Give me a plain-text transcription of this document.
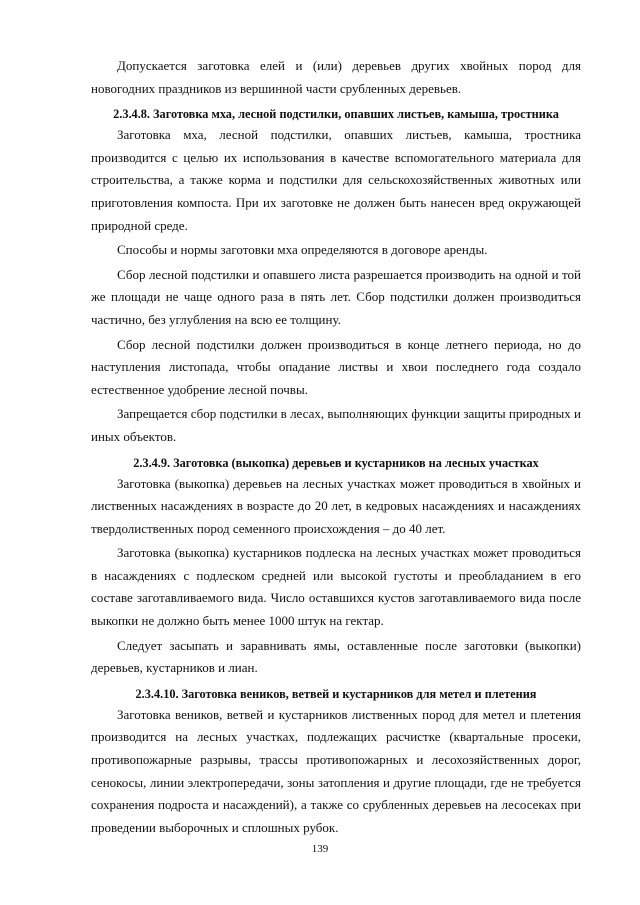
Допускается заготовка елей и (или) деревьев других хвойных пород для новогодних праздников из вершинной части срубленных деревьев.

2.3.4.8. Заготовка мха, лесной подстилки, опавших листьев, камыша, тростника

Заготовка мха, лесной подстилки, опавших листьев, камыша, тростника производится с целью их использования в качестве вспомогательного материала для строительства, а также корма и подстилки для сельскохозяйственных животных или приготовления компоста. При их заготовке не должен быть нанесен вред окружающей природной среде.

Способы и нормы заготовки мха определяются в договоре аренды.

Сбор лесной подстилки и опавшего листа разрешается производить на одной и той же площади не чаще одного раза в пять лет. Сбор подстилки должен производиться частично, без углубления на всю ее толщину.

Сбор лесной подстилки должен производиться в конце летнего периода, но до наступления листопада, чтобы опадание листвы и хвои последнего года создало естественное удобрение лесной почвы.

Запрещается сбор подстилки в лесах, выполняющих функции защиты природных и иных объектов.

2.3.4.9. Заготовка (выкопка) деревьев и кустарников на лесных участках

Заготовка (выкопка) деревьев на лесных участках может проводиться в хвойных и лиственных насаждениях в возрасте до 20 лет, в кедровых насаждениях и насаждениях твердолиственных пород семенного происхождения – до 40 лет.

Заготовка (выкопка) кустарников подлеска на лесных участках может проводиться в насаждениях с подлеском средней или высокой густоты и преобладанием в его составе заготавливаемого вида. Число оставшихся кустов заготавливаемого вида после выкопки не должно быть менее 1000 штук на гектар.

Следует засыпать и заравнивать ямы, оставленные после заготовки (выкопки) деревьев, кустарников и лиан.

2.3.4.10. Заготовка веников, ветвей и кустарников для метел и плетения

Заготовка веников, ветвей и кустарников лиственных пород для метел и плетения производится на лесных участках, подлежащих расчистке (квартальные просеки, противопожарные разрывы, трассы противопожарных и лесохозяйственных дорог, сенокосы, линии электропередачи, зоны затопления и другие площади, где не требуется сохранения подроста и насаждений), а также со срубленных деревьев на лесосеках при проведении выборочных и сплошных рубок.

139
